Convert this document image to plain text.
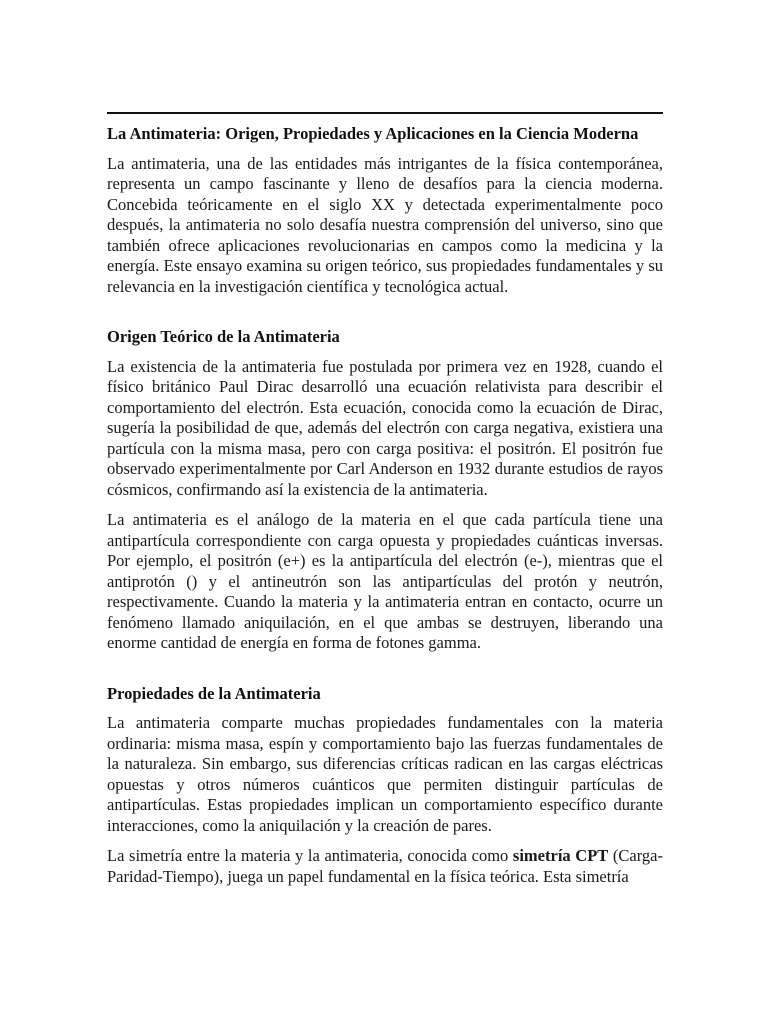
La Antimateria: Origen, Propiedades y Aplicaciones en la Ciencia Moderna

La antimateria, una de las entidades más intrigantes de la física contemporánea, representa un campo fascinante y lleno de desafíos para la ciencia moderna. Concebida teóricamente en el siglo XX y detectada experimentalmente poco después, la antimateria no solo desafía nuestra comprensión del universo, sino que también ofrece aplicaciones revolucionarias en campos como la medicina y la energía. Este ensayo examina su origen teórico, sus propiedades fundamentales y su relevancia en la investigación científica y tecnológica actual.

Origen Teórico de la Antimateria

La existencia de la antimateria fue postulada por primera vez en 1928, cuando el físico británico Paul Dirac desarrolló una ecuación relativista para describir el comportamiento del electrón. Esta ecuación, conocida como la ecuación de Dirac, sugería la posibilidad de que, además del electrón con carga negativa, existiera una partícula con la misma masa, pero con carga positiva: el positrón. El positrón fue observado experimentalmente por Carl Anderson en 1932 durante estudios de rayos cósmicos, confirmando así la existencia de la antimateria.

La antimateria es el análogo de la materia en el que cada partícula tiene una antipartícula correspondiente con carga opuesta y propiedades cuánticas inversas. Por ejemplo, el positrón (e+) es la antipartícula del electrón (e-), mientras que el antiprotón () y el antineutrón son las antipartículas del protón y neutrón, respectivamente. Cuando la materia y la antimateria entran en contacto, ocurre un fenómeno llamado aniquilación, en el que ambas se destruyen, liberando una enorme cantidad de energía en forma de fotones gamma.

Propiedades de la Antimateria

La antimateria comparte muchas propiedades fundamentales con la materia ordinaria: misma masa, espín y comportamiento bajo las fuerzas fundamentales de la naturaleza. Sin embargo, sus diferencias críticas radican en las cargas eléctricas opuestas y otros números cuánticos que permiten distinguir partículas de antipartículas. Estas propiedades implican un comportamiento específico durante interacciones, como la aniquilación y la creación de pares.

La simetría entre la materia y la antimateria, conocida como simetría CPT (Carga-Paridad-Tiempo), juega un papel fundamental en la física teórica. Esta simetría
